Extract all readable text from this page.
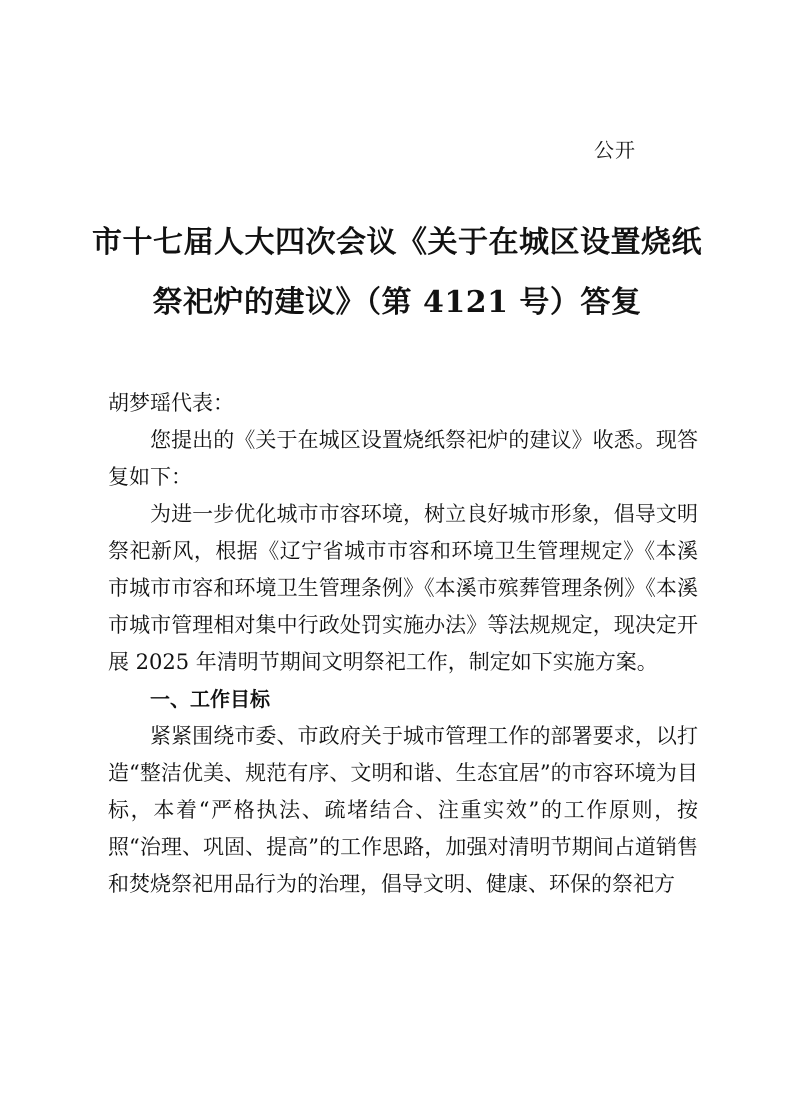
公开
市十七届人大四次会议《关于在城区设置烧纸
祭祀炉的建议》（第 4121 号）答复

胡梦瑶代表：

您提出的《关于在城区设置烧纸祭祀炉的建议》收悉。现答复如下：

为进一步优化城市市容环境，树立良好城市形象，倡导文明祭祀新风，根据《辽宁省城市市容和环境卫生管理规定》《本溪市城市市容和环境卫生管理条例》《本溪市殡葬管理条例》《本溪市城市管理相对集中行政处罚实施办法》等法规规定，现决定开展 2025 年清明节期间文明祭祀工作，制定如下实施方案。

一、工作目标

紧紧围绕市委、市政府关于城市管理工作的部署要求，以打造“整洁优美、规范有序、文明和谐、生态宜居”的市容环境为目标，本着“严格执法、疏堵结合、注重实效”的工作原则，按照“治理、巩固、提高”的工作思路，加强对清明节期间占道销售和焚烧祭祀用品行为的治理，倡导文明、健康、环保的祭祀方
